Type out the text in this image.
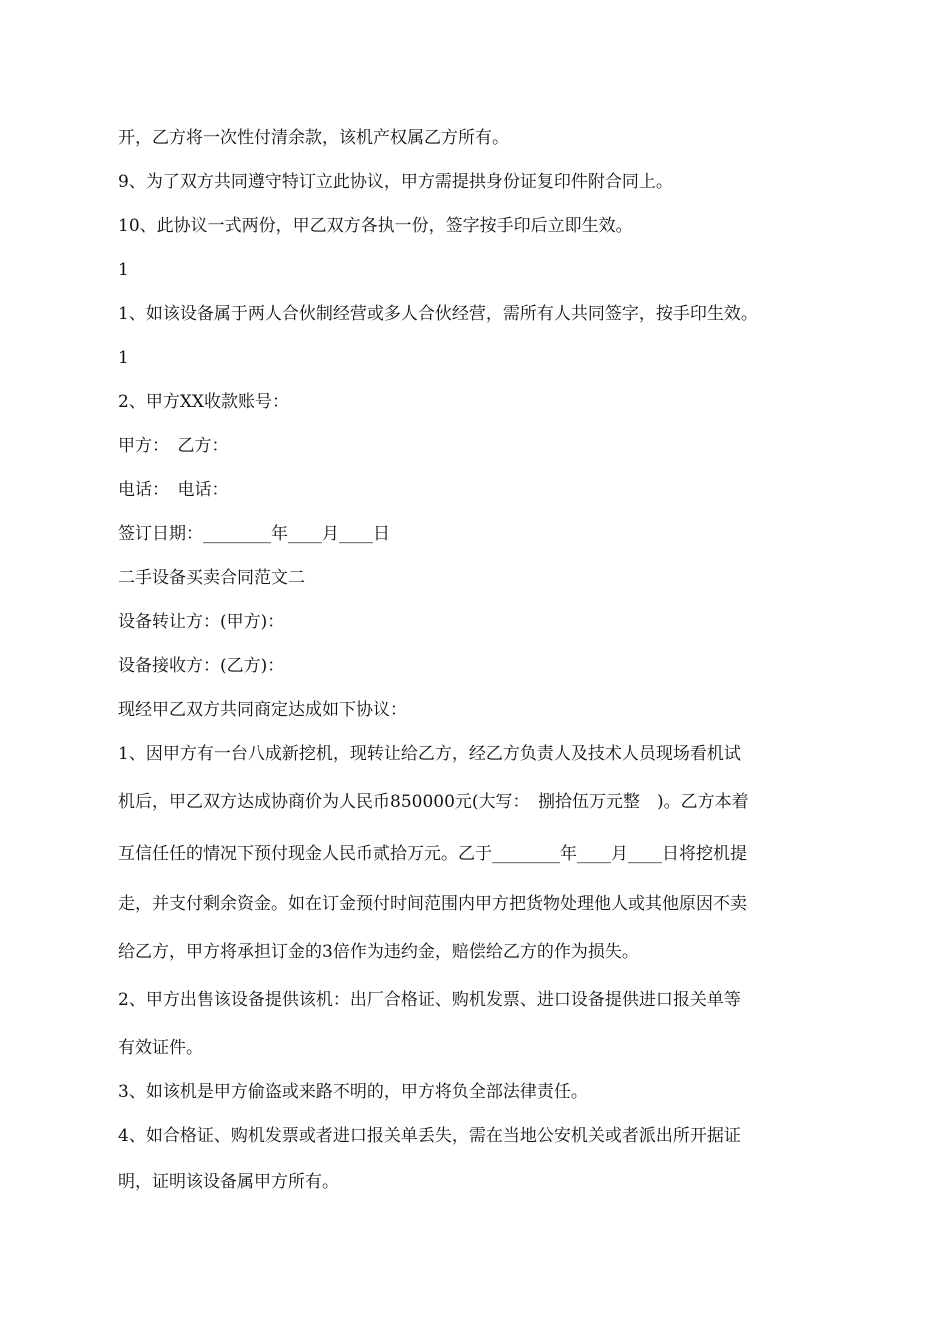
开，乙方将一次性付清余款，该机产权属乙方所有。
9、为了双方共同遵守特订立此协议，甲方需提拱身份证复印件附合同上。
10、此协议一式两份，甲乙双方各执一份，签字按手印后立即生效。
1
1、如该设备属于两人合伙制经营或多人合伙经营，需所有人共同签字，按手印生效。
1
2、甲方XX收款账号：
甲方：　乙方：
电话：　电话：
签订日期：________年____月____日
二手设备买卖合同范文二
设备转让方：(甲方)：
设备接收方：(乙方)：
现经甲乙双方共同商定达成如下协议：
1、因甲方有一台八成新挖机，现转让给乙方，经乙方负责人及技术人员现场看机试
机后，甲乙双方达成协商价为人民币850000元(大写：　捌拾伍万元整　)。乙方本着
互信任任的情况下预付现金人民币贰拾万元。乙于________年____月____日将挖机提
走，并支付剩余资金。如在订金预付时间范围内甲方把货物处理他人或其他原因不卖
给乙方，甲方将承担订金的3倍作为违约金，赔偿给乙方的作为损失。
2、甲方出售该设备提供该机：出厂合格证、购机发票、进口设备提供进口报关单等
有效证件。
3、如该机是甲方偷盗或来路不明的，甲方将负全部法律责任。
4、如合格证、购机发票或者进口报关单丢失，需在当地公安机关或者派出所开据证
明，证明该设备属甲方所有。
